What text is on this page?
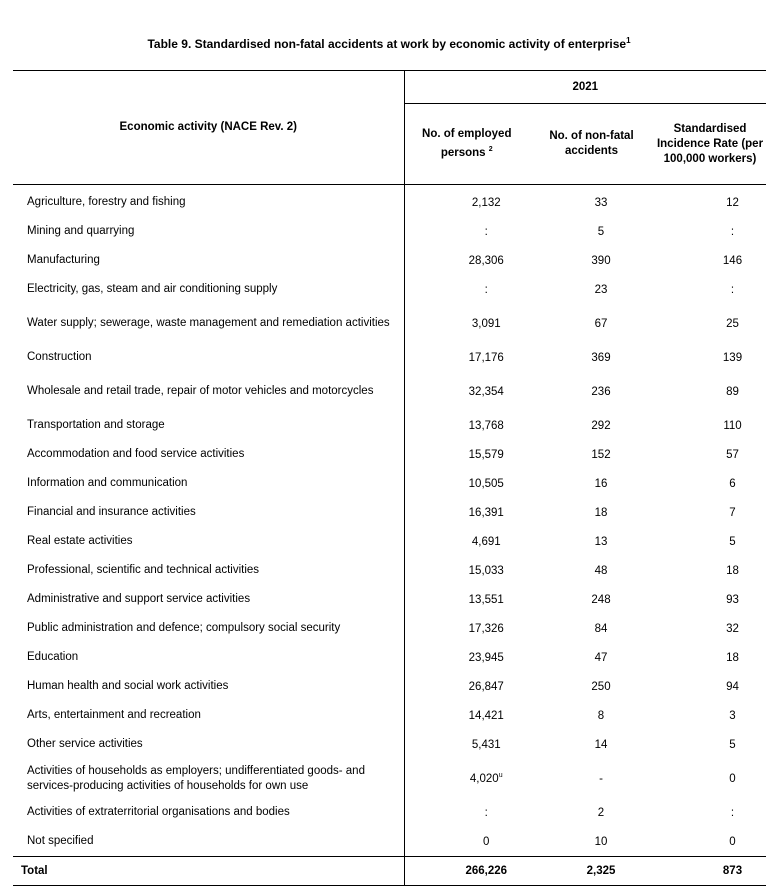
Table 9. Standardised non-fatal accidents at work by economic activity of enterprise$^1$
Economic activity (NACE Rev. 2)	2021		
	No. of employed persons $^2$	No. of non-fatal accidents	Standardised Incidence Rate (per 100,000 workers)
Agriculture, forestry and fishing	2,132	33	12
Mining and quarrying	:	5	:
Manufacturing	28,306	390	146
Electricity, gas, steam and air conditioning supply	:	23	:
Water supply; sewerage, waste management and remediation activities	3,091	67	25
Construction	17,176	369	139
Wholesale and retail trade, repair of motor vehicles and motorcycles	32,354	236	89
Transportation and storage	13,768	292	110
Accommodation and food service activities	15,579	152	57
Information and communication	10,505	16	6
Financial and insurance activities	16,391	18	7
Real estate activities	4,691	13	5
Professional, scientific and technical activities	15,033	48	18
Administrative and support service activities	13,551	248	93
Public administration and defence; compulsory social security	17,326	84	32
Education	23,945	47	18
Human health and social work activities	26,847	250	94
Arts, entertainment and recreation	14,421	8	3
Other service activities	5,431	14	5
Activities of households as employers; undifferentiated goods- and services-producing activities of households for own use	4,020$^u$	-	0
Activities of extraterritorial organisations and bodies	:	2	:
Not specified	0	10	0
Total	266,226	2,325	873
